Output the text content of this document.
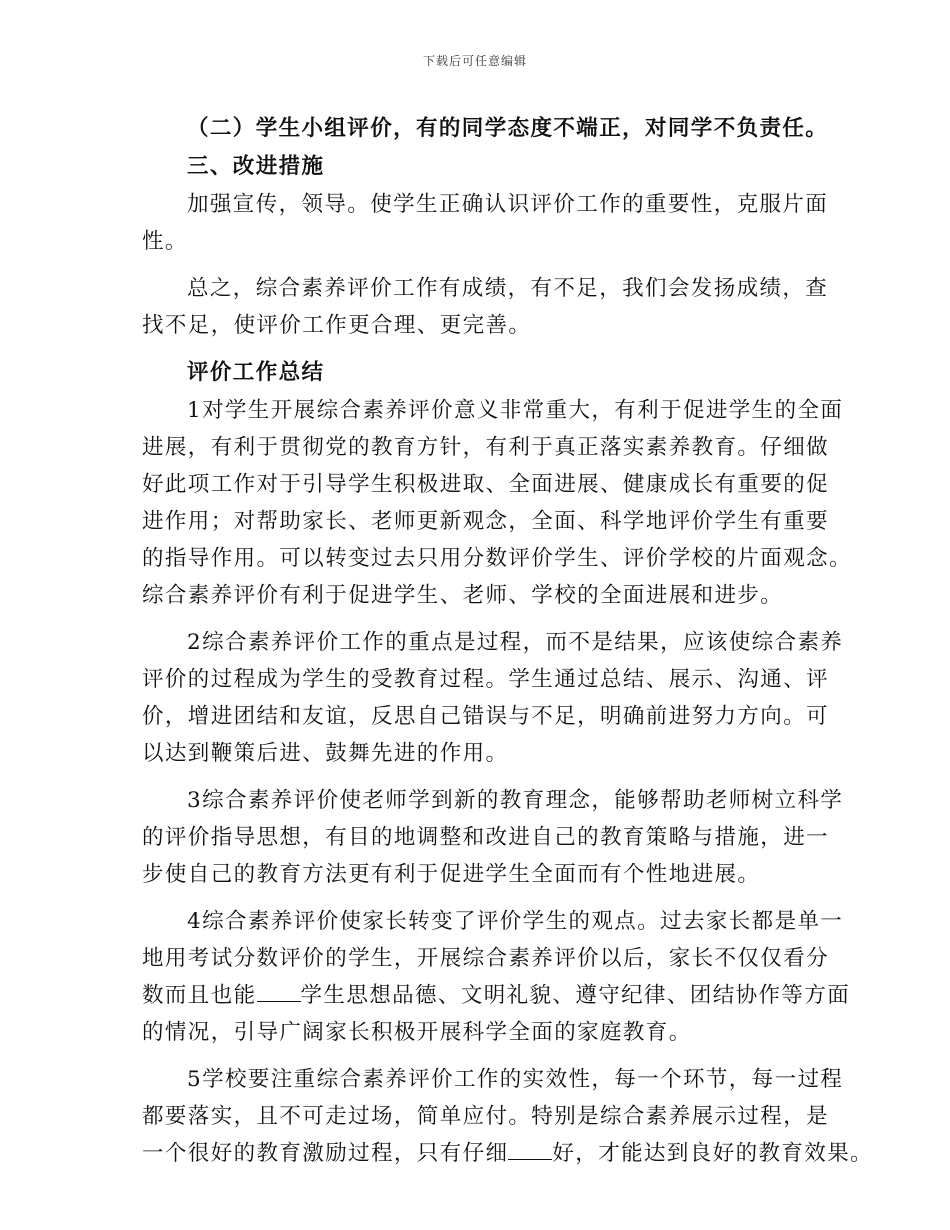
下载后可任意编辑
（二）学生小组评价，有的同学态度不端正，对同学不负责任。
三、改进措施
加强宣传，领导。使学生正确认识评价工作的重要性，克服片面
性。
总之，综合素养评价工作有成绩，有不足，我们会发扬成绩，查
找不足，使评价工作更合理、更完善。
评价工作总结
1对学生开展综合素养评价意义非常重大，有利于促进学生的全面
进展，有利于贯彻党的教育方针，有利于真正落实素养教育。仔细做
好此项工作对于引导学生积极进取、全面进展、健康成长有重要的促
进作用；对帮助家长、老师更新观念，全面、科学地评价学生有重要
的指导作用。可以转变过去只用分数评价学生、评价学校的片面观念。
综合素养评价有利于促进学生、老师、学校的全面进展和进步。
2综合素养评价工作的重点是过程，而不是结果，应该使综合素养
评价的过程成为学生的受教育过程。学生通过总结、展示、沟通、评
价，增进团结和友谊，反思自己错误与不足，明确前进努力方向。可
以达到鞭策后进、鼓舞先进的作用。
3综合素养评价使老师学到新的教育理念，能够帮助老师树立科学
的评价指导思想，有目的地调整和改进自己的教育策略与措施，进一
步使自己的教育方法更有利于促进学生全面而有个性地进展。
4综合素养评价使家长转变了评价学生的观点。过去家长都是单一
地用考试分数评价的学生，开展综合素养评价以后，家长不仅仅看分
数而且也能 学生思想品德、文明礼貌、遵守纪律、团结协作等方面
的情况，引导广阔家长积极开展科学全面的家庭教育。
5学校要注重综合素养评价工作的实效性，每一个环节，每一过程
都要落实，且不可走过场，简单应付。特别是综合素养展示过程，是
一个很好的教育激励过程，只有仔细 好，才能达到良好的教育效果。
